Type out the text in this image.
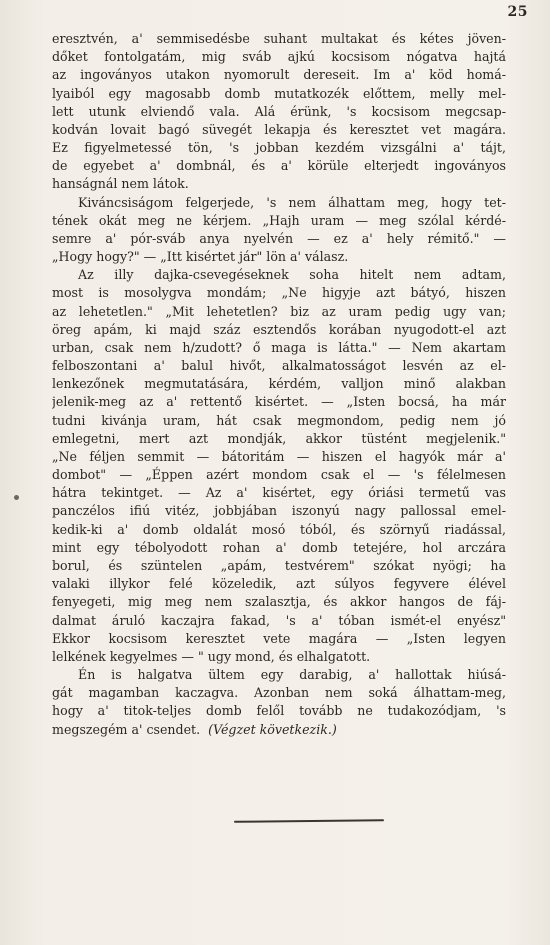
25
eresztvén, a' semmisedésbe suhant multakat és kétes jöven-
dőket fontolgatám, mig sváb ajkú kocsisom nógatva hajtá
az ingoványos utakon nyomorult dereseit. Im a' köd homá-
lyaiból egy magosabb domb mutatkozék előttem, melly mel-
lett utunk elviendő vala. Alá érünk, 's kocsisom megcsap-
kodván lovait bagó süvegét lekapja és keresztet vet magára.
Ez figyelmetessé tön, 's jobban kezdém vizsgálni a' tájt,
de egyebet a' dombnál, és a' körüle elterjedt ingoványos
hanságnál nem látok.
Kiváncsiságom felgerjede, 's nem álhattam meg, hogy tet-
tének okát meg ne kérjem. „Hajh uram — meg szólal kérdé-
semre a' pór-sváb anya nyelvén — ez a' hely rémitő." —
„Hogy hogy?" — „Itt kisértet jár" lön a' válasz.
Az illy dajka-csevegéseknek soha hitelt nem adtam,
most is mosolygva mondám; „Ne higyje azt bátyó, hiszen
az lehetetlen." „Mit lehetetlen? biz az uram pedig ugy van;
öreg apám, ki majd száz esztendős korában nyugodott-el azt
urban, csak nem h/zudott? ő maga is látta." — Nem akartam
felboszontani a' balul hivőt, alkalmatosságot lesvén az el-
lenkezőnek megmutatására, kérdém, valljon minő alakban
jelenik-meg az a' rettentő kisértet. — „Isten bocsá, ha már
tudni kivánja uram, hát csak megmondom, pedig nem jó
emlegetni, mert azt mondják, akkor tüstént megjelenik."
„Ne féljen semmit — bátoritám — hiszen el hagyók már a'
dombot" — „Éppen azért mondom csak el — 's félelmesen
hátra tekintget. — Az a' kisértet, egy óriási termetű vas
panczélos ifiú vitéz, jobbjában iszonyú nagy pallossal emel-
kedik-ki a' domb oldalát mosó tóból, és szörnyű riadással,
mint egy tébolyodott rohan a' domb tetejére, hol arczára
borul, és szüntelen „apám, testvérem" szókat nyögi; ha
valaki illykor felé közeledik, azt súlyos fegyvere élével
fenyegeti, mig meg nem szalasztja, és akkor hangos de fáj-
dalmat áruló kaczajra fakad, 's a' tóban ismét-el enyész"
Ekkor kocsisom keresztet vete magára — „Isten legyen
lelkének kegyelmes — " ugy mond, és elhalgatott.
Én is halgatva ültem egy darabig, a' hallottak hiúsá-
gát magamban kaczagva. Azonban nem soká álhattam-meg,
hogy a' titok-teljes domb felől tovább ne tudakozódjam, 's
megszegém a' csendet. (Végzet következik.)
